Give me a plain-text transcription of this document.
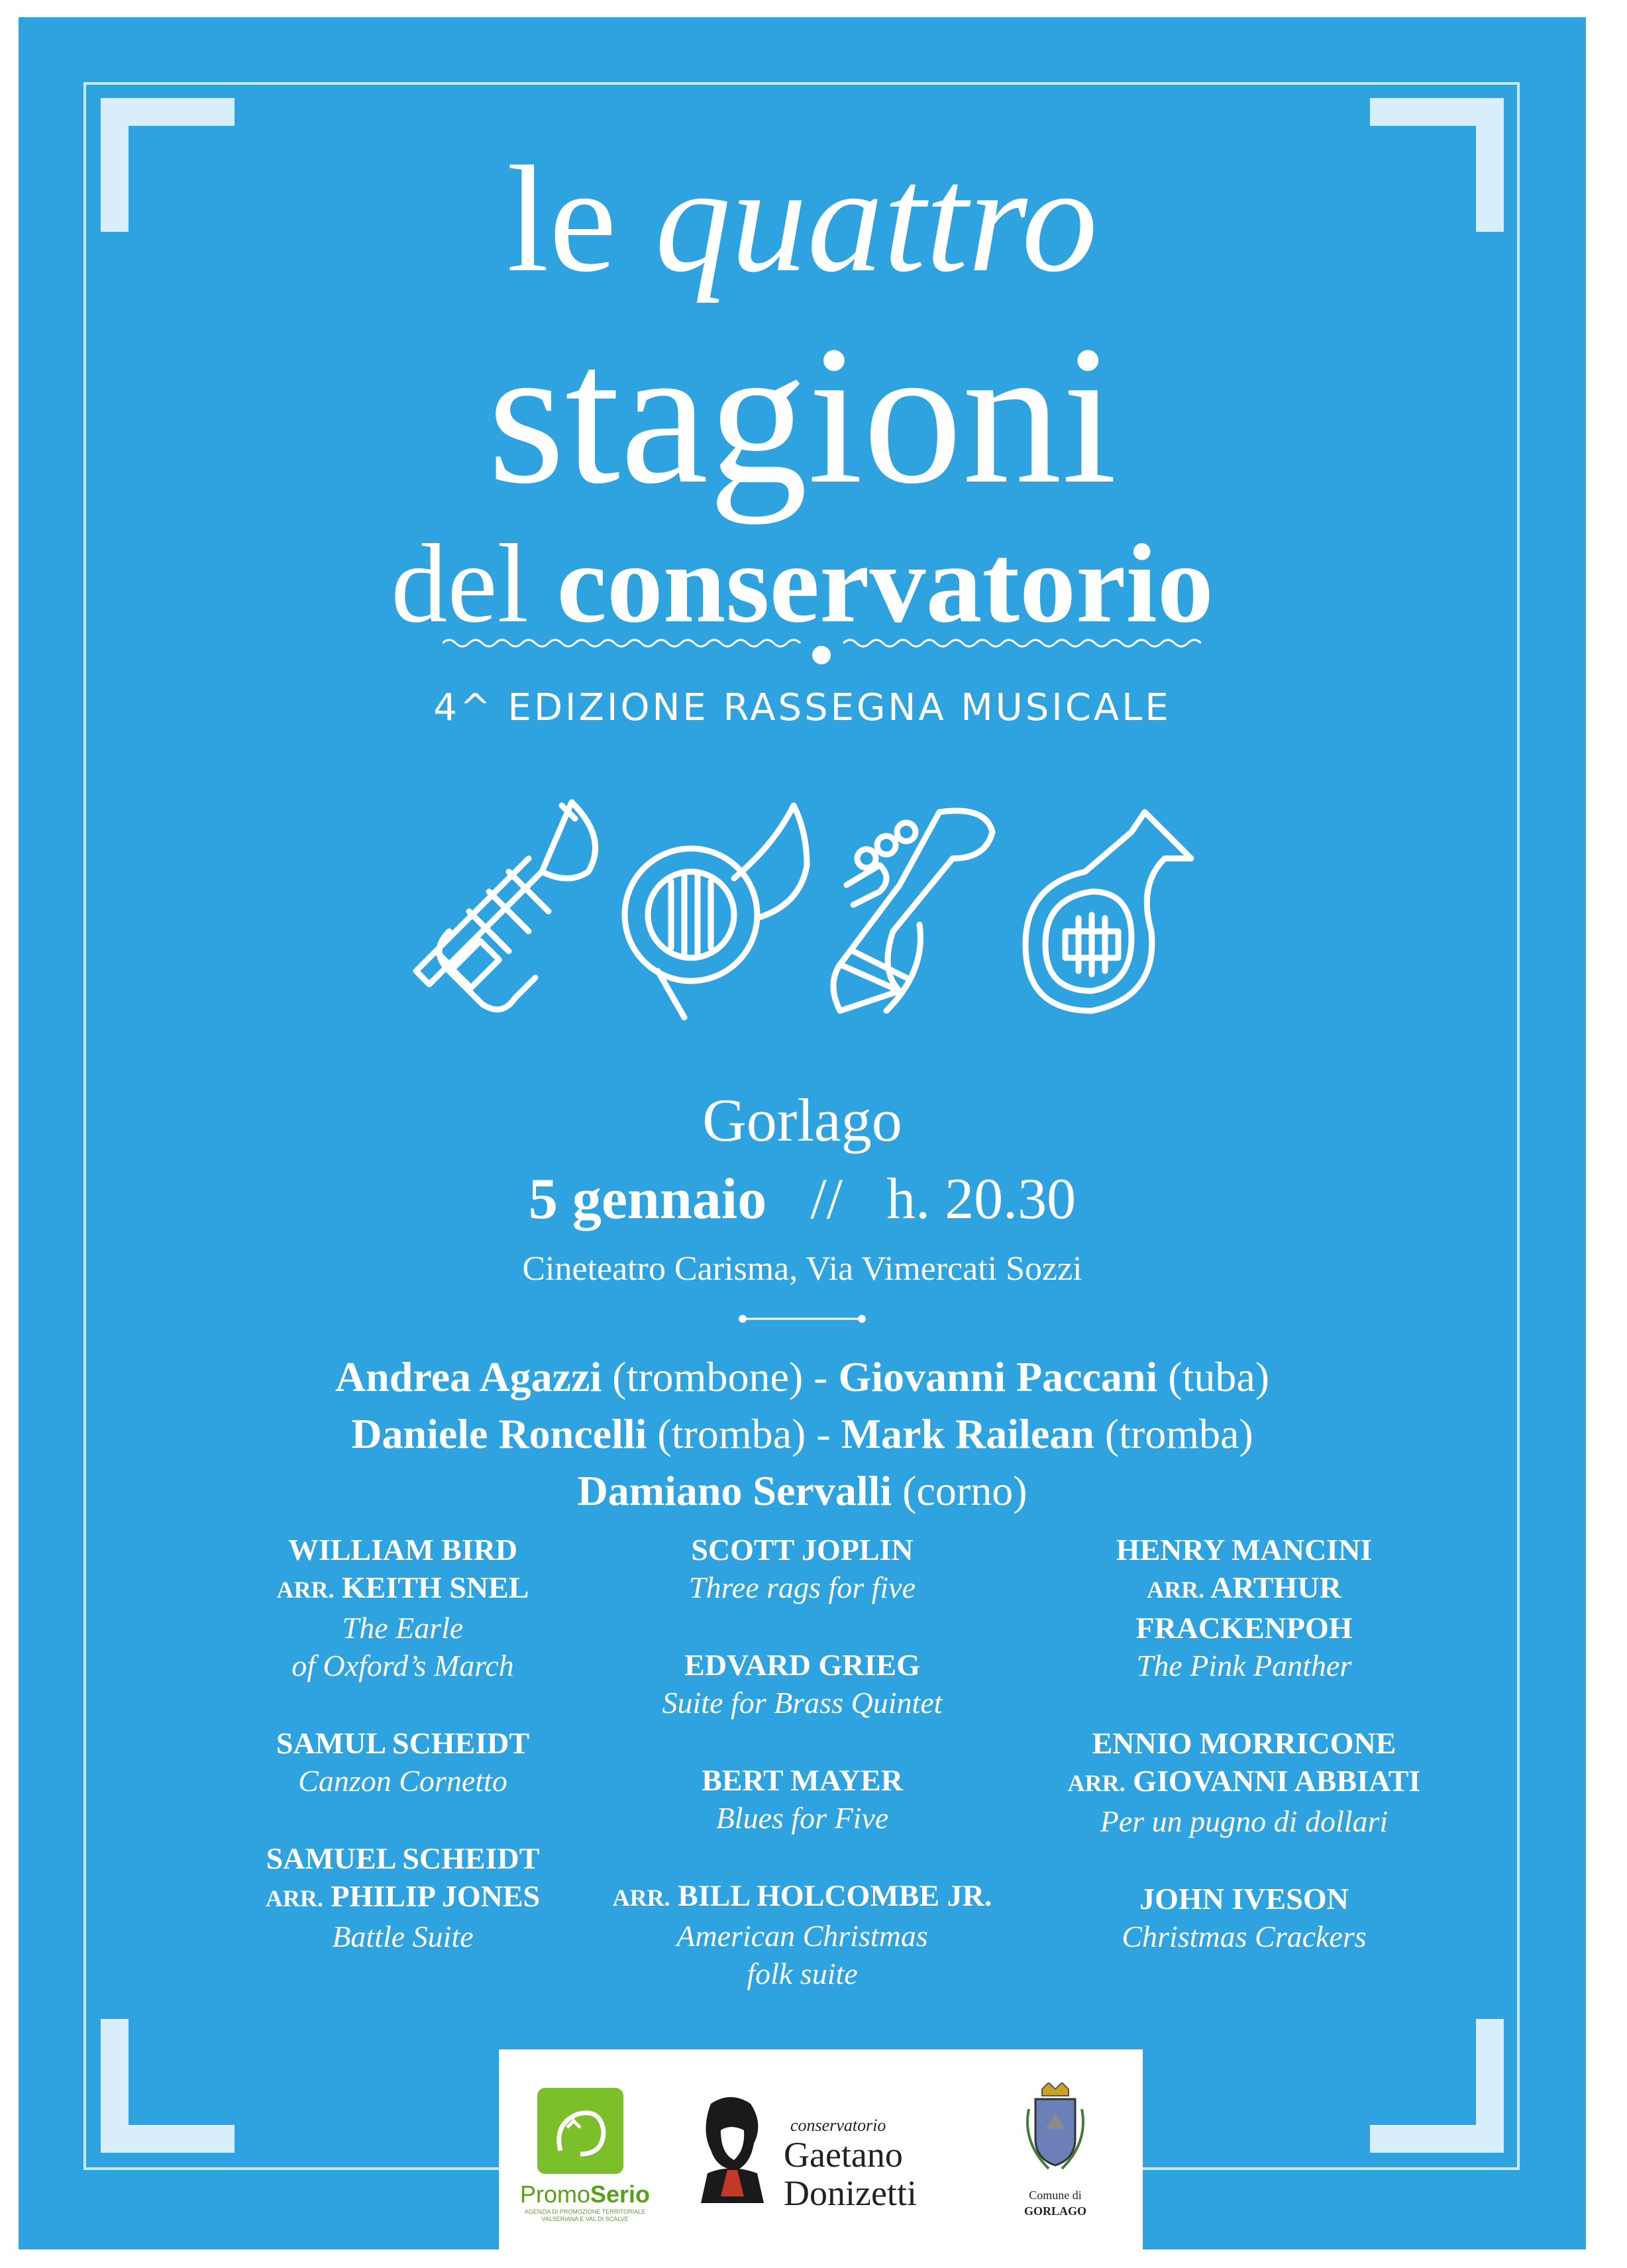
le quattro
stagioni
del conservatorio
4^ EDIZIONE RASSEGNA MUSICALE
Gorlago
5 gennaio // h. 20.30
Cineteatro Carisma, Via Vimercati Sozzi
Andrea Agazzi (trombone) - Giovanni Paccani (tuba)
Daniele Roncelli (tromba) - Mark Railean (tromba)
Damiano Servalli (corno)
WILLIAM BIRD
ARR. KEITH SNEL
The Earle
of Oxford’s March
SAMUL SCHEIDT
Canzon Cornetto
SAMUEL SCHEIDT
ARR. PHILIP JONES
Battle Suite
SCOTT JOPLIN
Three rags for five
EDVARD GRIEG
Suite for Brass Quintet
BERT MAYER
Blues for Five
ARR. BILL HOLCOMBE JR.
American Christmas
folk suite
HENRY MANCINI
ARR. ARTHUR
FRACKENPOH
The Pink Panther
ENNIO MORRICONE
ARR. GIOVANNI ABBIATI
Per un pugno di dollari
JOHN IVESON
Christmas Crackers
PromoSerio
AGENZIA DI PROMOZIONE TERRITORIALE
VALSERIANA E VAL DI SCALVE
conservatorio
Gaetano
Donizetti	Comune di
GORLAGO
